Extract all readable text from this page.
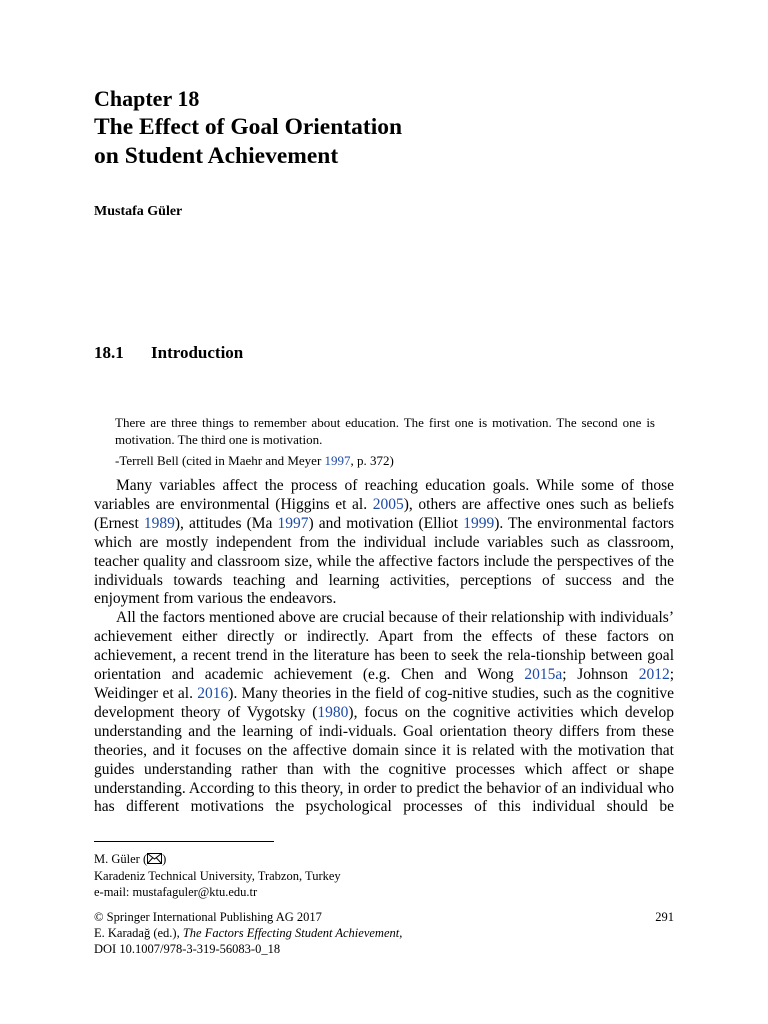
Chapter 18
The Effect of Goal Orientation
on Student Achievement
Mustafa Güler
18.1 Introduction

There are three things to remember about education. The first one is motivation. The second one is motivation. The third one is motivation.

-Terrell Bell (cited in Maehr and Meyer 1997, p. 372)

Many variables affect the process of reaching education goals. While some of those variables are environmental (Higgins et al. 2005), others are affective ones such as beliefs (Ernest 1989), attitudes (Ma 1997) and motivation (Elliot 1999). The environmental factors which are mostly independent from the individual include variables such as classroom, teacher quality and classroom size, while the affective factors include the perspectives of the individuals towards teaching and learning activities, perceptions of success and the enjoyment from various the endeavors.

All the factors mentioned above are crucial because of their relationship with individuals’ achievement either directly or indirectly. Apart from the effects of these factors on achievement, a recent trend in the literature has been to seek the rela-tionship between goal orientation and academic achievement (e.g. Chen and Wong 2015a; Johnson 2012; Weidinger et al. 2016). Many theories in the field of cog-nitive studies, such as the cognitive development theory of Vygotsky (1980), focus on the cognitive activities which develop understanding and the learning of indi-viduals. Goal orientation theory differs from these theories, and it focuses on the affective domain since it is related with the motivation that guides understanding rather than with the cognitive processes which affect or shape understanding. According to this theory, in order to predict the behavior of an individual who has different motivations the psychological processes of this individual should be

M. Güler ( )
Karadeniz Technical University, Trabzon, Turkey
e-mail: mustafaguler@ktu.edu.tr
© Springer International Publishing AG 2017
E. Karadağ (ed.), The Factors Effecting Student Achievement,
DOI 10.1007/978-3-319-56083-0_18
291
